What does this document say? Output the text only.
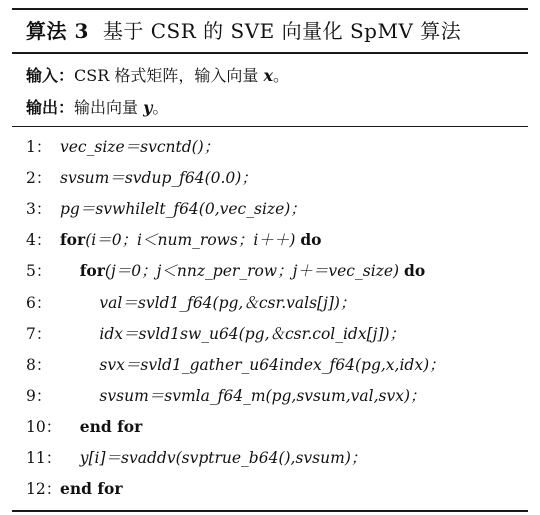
算法 3 基于 CSR 的 SVE 向量化 SpMV 算法
输入：CSR 格式矩阵，输入向量 x。
输出：输出向量 y。
1： vec_size＝svcntd()；
2： svsum＝svdup_f64(0.0)；
3： pg＝svwhilelt_f64(0,vec_size)；
4： for(i＝0；i＜num_rows；i＋＋) do
5： for(j＝0；j＜nnz_per_row；j＋＝vec_size) do
6：	val＝svld1_f64(pg,＆csr.vals[j])；
7：	idx＝svld1sw_u64(pg,＆csr.col_idx[j])；
8：	svx＝svld1_gather_u64index_f64(pg,x,idx)；
9：	svsum＝svmla_f64_m(pg,svsum,val,svx)；
10： end for
11： y[i]＝svaddv(svptrue_b64(),svsum)；
12：end for
